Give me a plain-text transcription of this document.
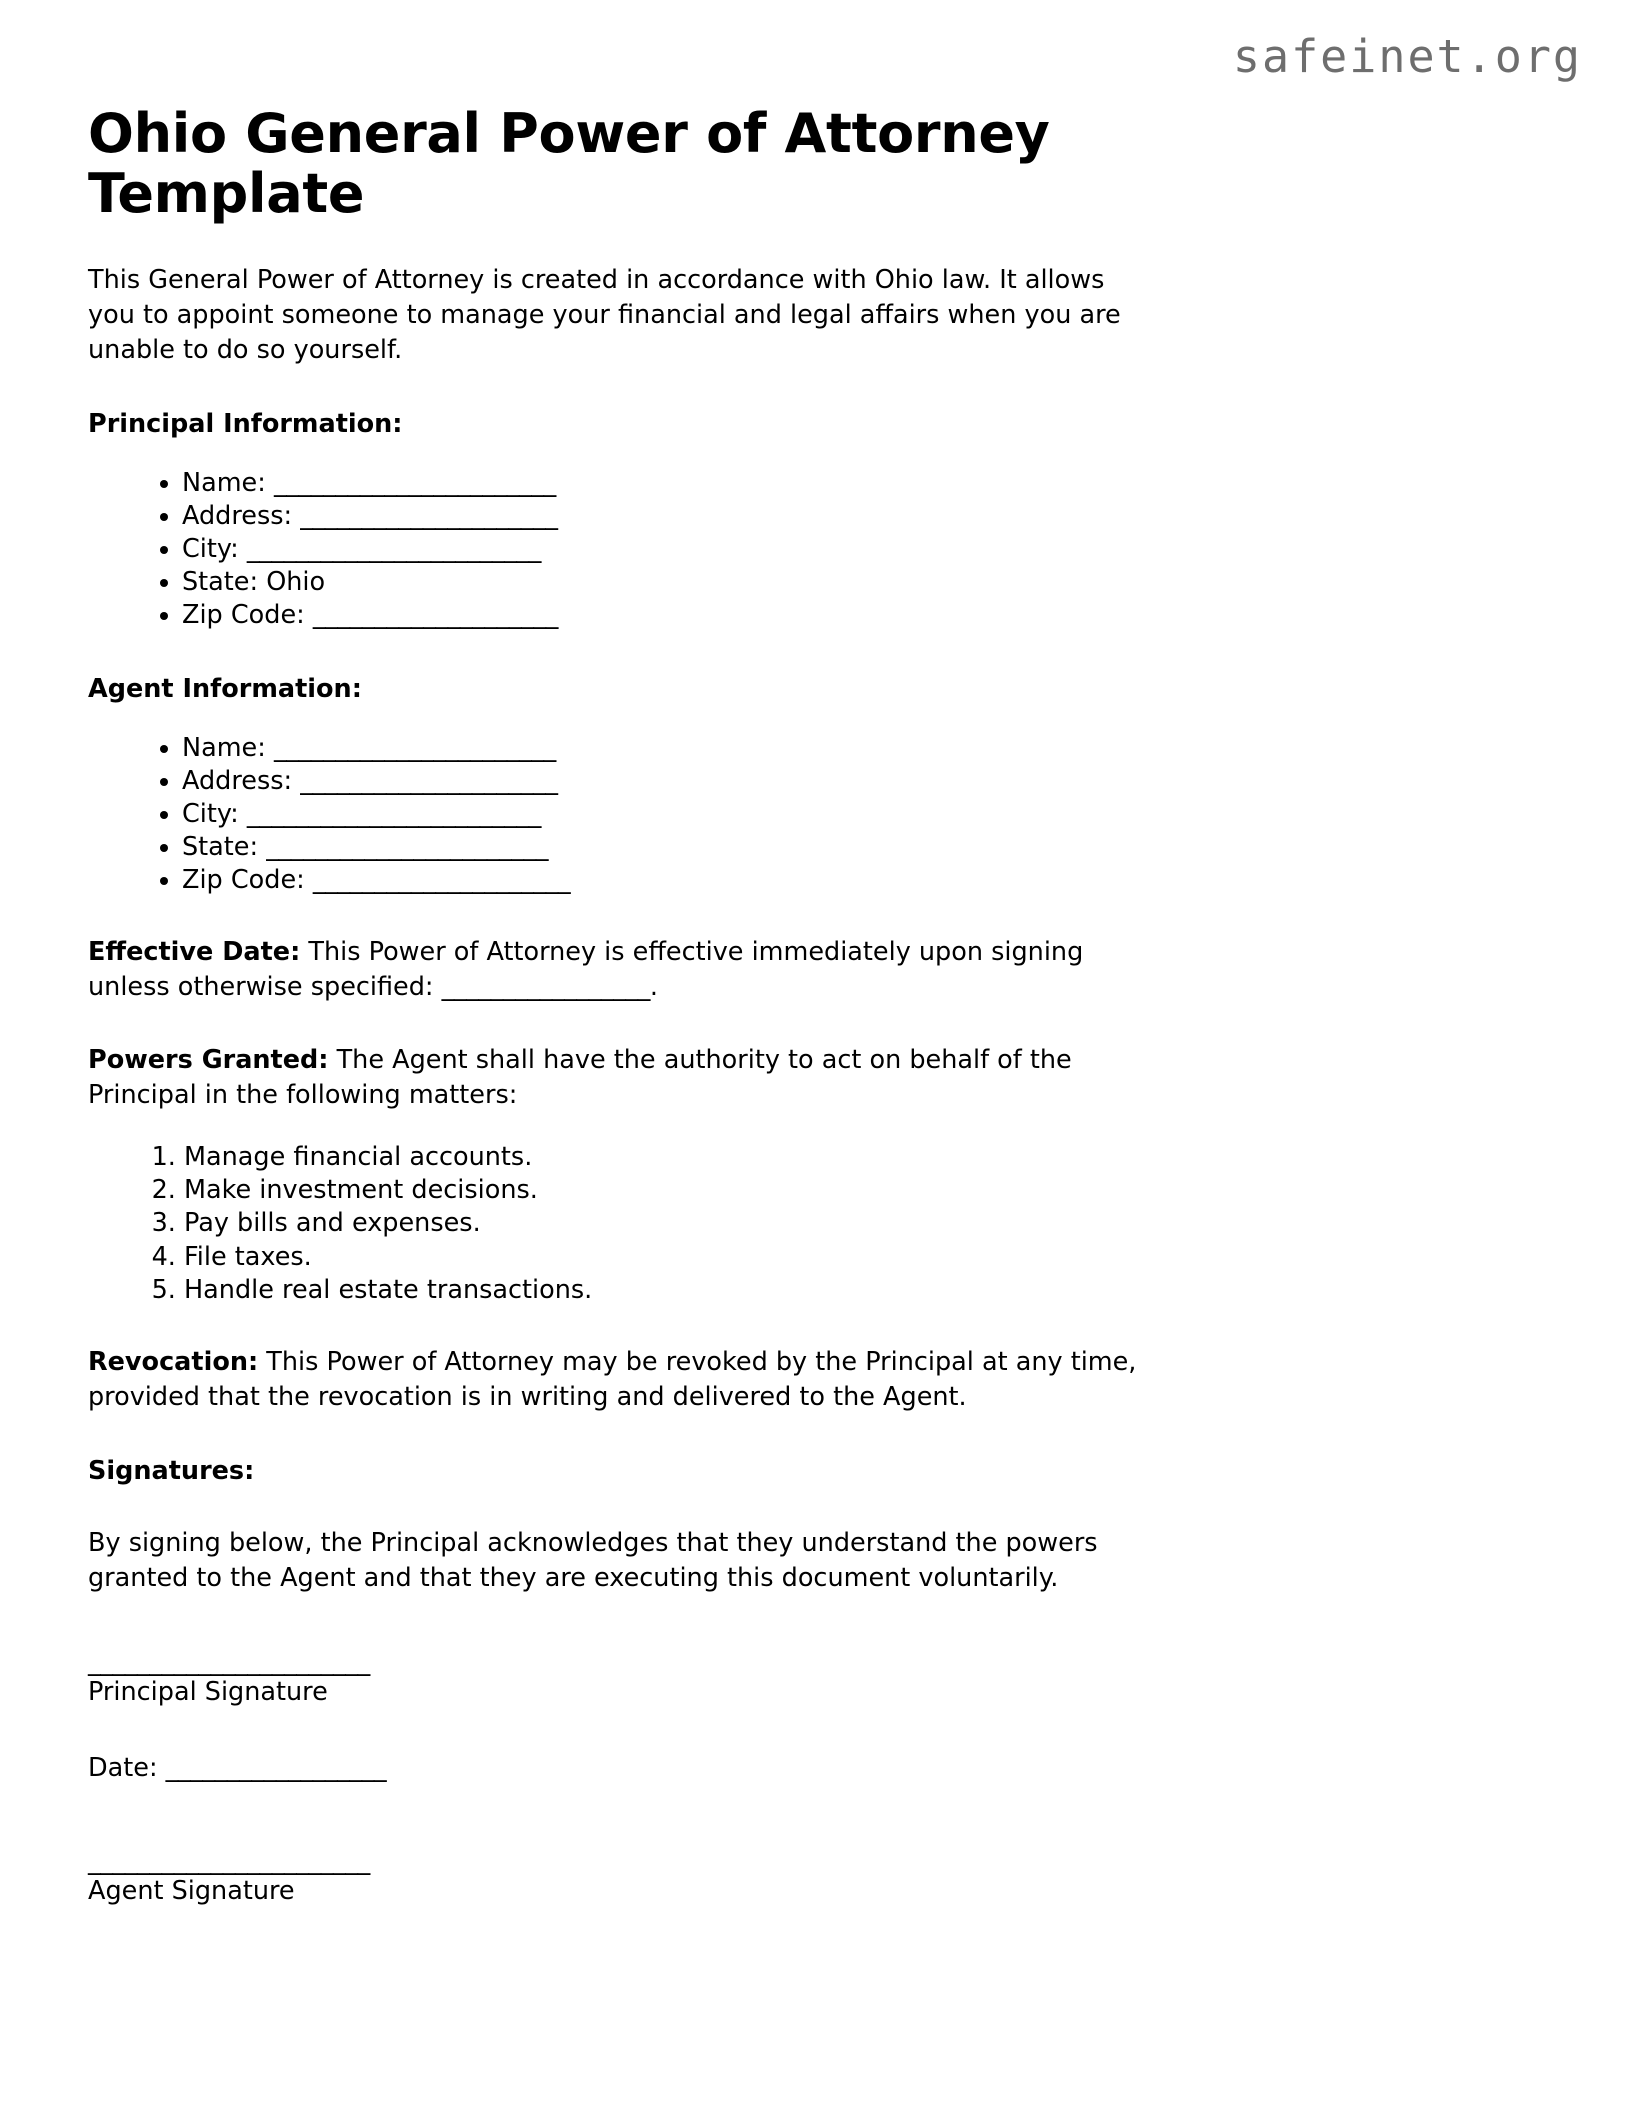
safeinet.org
Ohio General Power of Attorney Template

This General Power of Attorney is created in accordance with Ohio law. It allows you to appoint someone to manage your financial and legal affairs when you are unable to do so yourself.

Principal Information:
• Name: _______________________
• Address: _____________________
• City: ________________________
• State: Ohio
• Zip Code: ____________________
Agent Information:
• Name: _______________________
• Address: _____________________
• City: ________________________
• State: _______________________
• Zip Code: _____________________

Effective Date: This Power of Attorney is effective immediately upon signing unless otherwise specified: _________________.

Powers Granted: The Agent shall have the authority to act on behalf of the Principal in the following matters:

1. Manage financial accounts.
2. Make investment decisions.
3. Pay bills and expenses.
4. File taxes.
5. Handle real estate transactions.

Revocation: This Power of Attorney may be revoked by the Principal at any time, provided that the revocation is in writing and delivered to the Agent.

Signatures:

By signing below, the Principal acknowledges that they understand the powers granted to the Agent and that they are executing this document voluntarily.

_______________________
Principal Signature
Date: __________________
_______________________
Agent Signature
